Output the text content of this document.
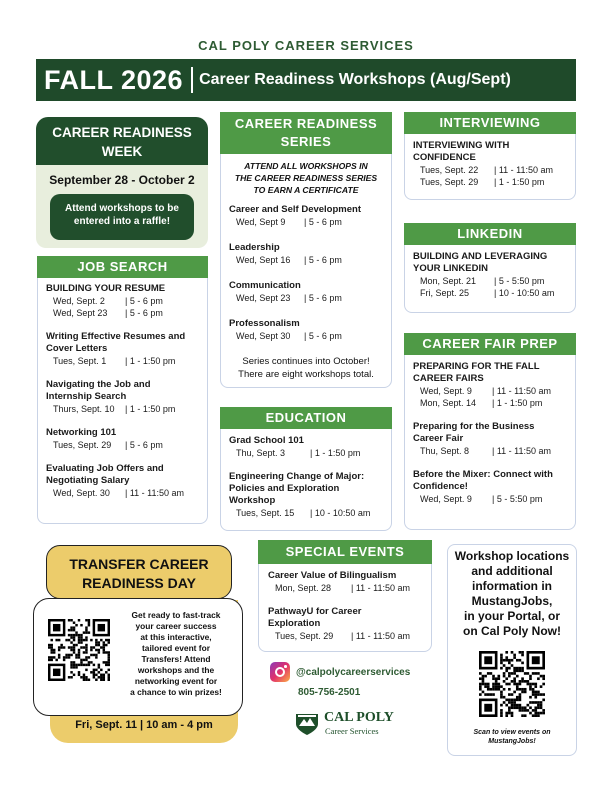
CAL POLY CAREER SERVICES
FALL 2026 Career Readiness Workshops (Aug/Sept)
CAREER READINESS
WEEK
September 28 - October 2
Attend workshops to be
entered into a raffle!
JOB SEARCH
BUILDING YOUR RESUME
Wed, Sept. 2	| 5 - 6 pm
Wed, Sept 23	| 5 - 6 pm
Writing Effective Resumes and
Cover Letters
Tues, Sept. 1	| 1 - 1:50 pm
Navigating the Job and
Internship Search
Thurs, Sept. 10	| 1 - 1:50 pm
Networking 101
Tues, Sept. 29	| 5 - 6 pm
Evaluating Job Offers and
Negotiating Salary
Wed, Sept. 30	| 11 - 11:50 am
CAREER READINESS
SERIES
ATTEND ALL WORKSHOPS IN
THE CAREER READINESS SERIES
TO EARN A CERTIFICATE
Career and Self Development
Wed, Sept 9	| 5 - 6 pm
Leadership
Wed, Sept 16	| 5 - 6 pm
Communication
Wed, Sept 23	| 5 - 6 pm
Professonalism
Wed, Sept 30	| 5 - 6 pm
Series continues into October!
There are eight workshops total.
EDUCATION
Grad School 101
Thu, Sept. 3	| 1 - 1:50 pm
Engineering Change of Major:
Policies and Exploration
Workshop
Tues, Sept. 15	| 10 - 10:50 am
INTERVIEWING
INTERVIEWING WITH
CONFIDENCE
Tues, Sept. 22	| 11 - 11:50 am
Tues, Sept. 29	| 1 - 1:50 pm
LINKEDIN
BUILDING AND LEVERAGING
YOUR LINKEDIN
Mon, Sept. 21	| 5 - 5:50 pm
Fri, Sept. 25	| 10 - 10:50 am
CAREER FAIR PREP
PREPARING FOR THE FALL
CAREER FAIRS
Wed, Sept. 9	| 11 - 11:50 am
Mon, Sept. 14	| 1 - 1:50 pm
Preparing for the Business
Career Fair
Thu, Sept. 8	| 11 - 11:50 am
Before the Mixer: Connect with
Confidence!
Wed, Sept. 9	| 5 - 5:50 pm
SPECIAL EVENTS
Career Value of Bilingualism
Mon, Sept. 28	| 11 - 11:50 am
PathwayU for Career
Exploration
Tues, Sept. 29	| 11 - 11:50 am
TRANSFER CAREER
READINESS DAY
Get ready to fast-track
your career success
at this interactive,
tailored event for
Transfers! Attend
workshops and the
networking event for
a chance to win prizes!
Fri, Sept. 11 | 10 am - 4 pm
Workshop locations
and additional
information in
MustangJobs,
in your Portal, or
on Cal Poly Now!
Scan to view events on
MustangJobs!
@calpolycareerservices
805-756-2501
CAL POLY
Career Services
